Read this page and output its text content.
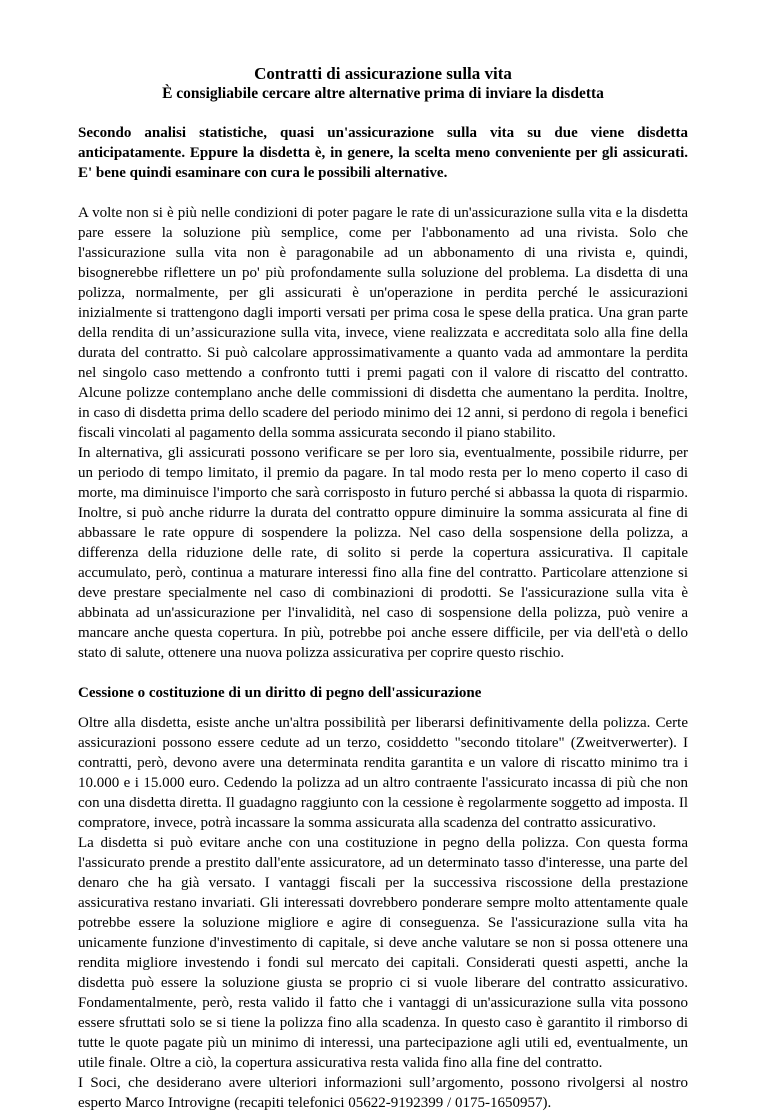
Contratti di assicurazione sulla vita
È consigliabile cercare altre alternative prima di inviare la disdetta

Secondo analisi statistiche, quasi un'assicurazione sulla vita su due viene disdetta anticipatamente. Eppure la disdetta è, in genere, la scelta meno conveniente per gli assicurati. E' bene quindi esaminare con cura le possibili alternative.

A volte non si è più nelle condizioni di poter pagare le rate di un'assicurazione sulla vita e la disdetta pare essere la soluzione più semplice, come per l'abbonamento ad una rivista. Solo che l'assicurazione sulla vita non è paragonabile ad un abbonamento di una rivista e, quindi, bisognerebbe riflettere un po' più profondamente sulla soluzione del problema. La disdetta di una polizza, normalmente, per gli assicurati è un'operazione in perdita perché le assicurazioni inizialmente si trattengono dagli importi versati per prima cosa le spese della pratica. Una gran parte della rendita di un’assicurazione sulla vita, invece, viene realizzata e accreditata solo alla fine della durata del contratto. Si può calcolare approssimativamente a quanto vada ad ammontare la perdita nel singolo caso mettendo a confronto tutti i premi pagati con il valore di riscatto del contratto. Alcune polizze contemplano anche delle commissioni di disdetta che aumentano la perdita. Inoltre, in caso di disdetta prima dello scadere del periodo minimo dei 12 anni, si perdono di regola i benefici fiscali vincolati al pagamento della somma assicurata secondo il piano stabilito.

In alternativa, gli assicurati possono verificare se per loro sia, eventualmente, possibile ridurre, per un periodo di tempo limitato, il premio da pagare. In tal modo resta per lo meno coperto il caso di morte, ma diminuisce l'importo che sarà corrisposto in futuro perché si abbassa la quota di risparmio. Inoltre, si può anche ridurre la durata del contratto oppure diminuire la somma assicurata al fine di abbassare le rate oppure di sospendere la polizza. Nel caso della sospensione della polizza, a differenza della riduzione delle rate, di solito si perde la copertura assicurativa. Il capitale accumulato, però, continua a maturare interessi fino alla fine del contratto. Particolare attenzione si deve prestare specialmente nel caso di combinazioni di prodotti. Se l'assicurazione sulla vita è abbinata ad un'assicurazione per l'invalidità, nel caso di sospensione della polizza, può venire a mancare anche questa copertura. In più, potrebbe poi anche essere difficile, per via dell'età o dello stato di salute, ottenere una nuova polizza assicurativa per coprire questo rischio.

Cessione o costituzione di un diritto di pegno dell'assicurazione

Oltre alla disdetta, esiste anche un'altra possibilità per liberarsi definitivamente della polizza. Certe assicurazioni possono essere cedute ad un terzo, cosiddetto "secondo titolare" (Zweitverwerter). I contratti, però, devono avere una determinata rendita garantita e un valore di riscatto minimo tra i 10.000 e i 15.000 euro. Cedendo la polizza ad un altro contraente l'assicurato incassa di più che non con una disdetta diretta. Il guadagno raggiunto con la cessione è regolarmente soggetto ad imposta. Il compratore, invece, potrà incassare la somma assicurata alla scadenza del contratto assicurativo.

La disdetta si può evitare anche con una costituzione in pegno della polizza. Con questa forma l'assicurato prende a prestito dall'ente assicuratore, ad un determinato tasso d'interesse, una parte del denaro che ha già versato. I vantaggi fiscali per la successiva riscossione della prestazione assicurativa restano invariati. Gli interessati dovrebbero ponderare sempre molto attentamente quale potrebbe essere la soluzione migliore e agire di conseguenza. Se l'assicurazione sulla vita ha unicamente funzione d'investimento di capitale, si deve anche valutare se non si possa ottenere una rendita migliore investendo i fondi sul mercato dei capitali. Considerati questi aspetti, anche la disdetta può essere la soluzione giusta se proprio ci si vuole liberare del contratto assicurativo. Fondamentalmente, però, resta valido il fatto che i vantaggi di un'assicurazione sulla vita possono essere sfruttati solo se si tiene la polizza fino alla scadenza. In questo caso è garantito il rimborso di tutte le quote pagate più un minimo di interessi, una partecipazione agli utili ed, eventualmente, un utile finale. Oltre a ciò, la copertura assicurativa resta valida fino alla fine del contratto.

I Soci, che desiderano avere ulteriori informazioni sull’argomento, possono rivolgersi al nostro esperto Marco Introvigne (recapiti telefonici 05622-9192399 / 0175-1650957).
